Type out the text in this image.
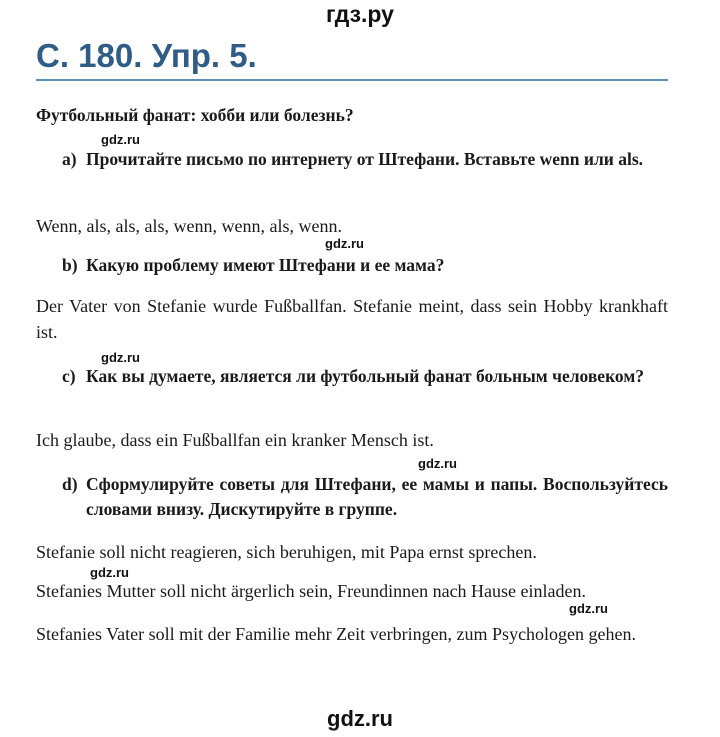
гдз.ру
С. 180. Упр. 5.
Футбольный фанат: хобби или болезнь?
gdz.ru
a) Прочитайте письмо по интернету от Штефани. Вставьте wenn или als.
Wenn, als, als, als, wenn, wenn, als, wenn.
gdz.ru
b) Какую проблему имеют Штефани и ее мама?
Der Vater von Stefanie wurde Fußballfan. Stefanie meint, dass sein Hobby krankhaft ist.
gdz.ru
c) Как вы думаете, является ли футбольный фанат больным человеком?
Ich glaube, dass ein Fußballfan ein kranker Mensch ist.
gdz.ru
d) Сформулируйте советы для Штефани, ее мамы и папы. Воспользуйтесь словами внизу. Дискутируйте в группе.
Stefanie soll nicht reagieren, sich beruhigen, mit Papa ernst sprechen.
gdz.ru
Stefanies Mutter soll nicht ärgerlich sein, Freundinnen nach Hause einladen.
gdz.ru
Stefanies Vater soll mit der Familie mehr Zeit verbringen, zum Psychologen gehen.
gdz.ru
